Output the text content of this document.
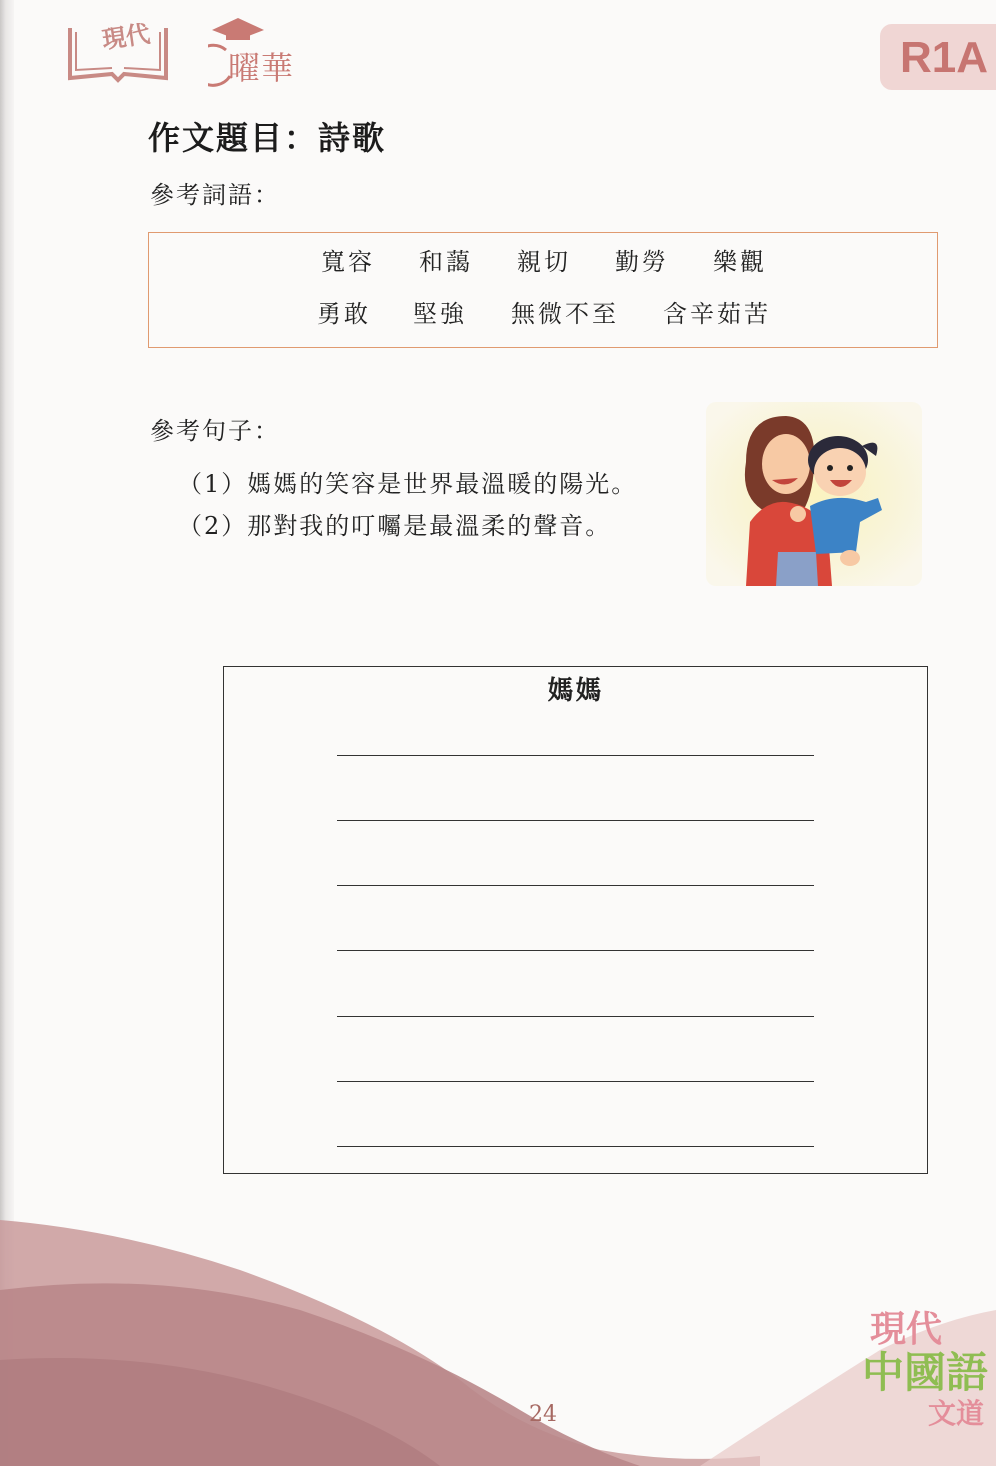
現代
曜華	R1A
作文題目：詩歌
參考詞語：
寬容 和藹 親切 勤勞 樂觀
勇敢 堅強 無微不至 含辛茹苦
參考句子：
（1）媽媽的笑容是世界最溫暖的陽光。
（2）那對我的叮囑是最溫柔的聲音。
媽媽
24
現代
中國語
文道
